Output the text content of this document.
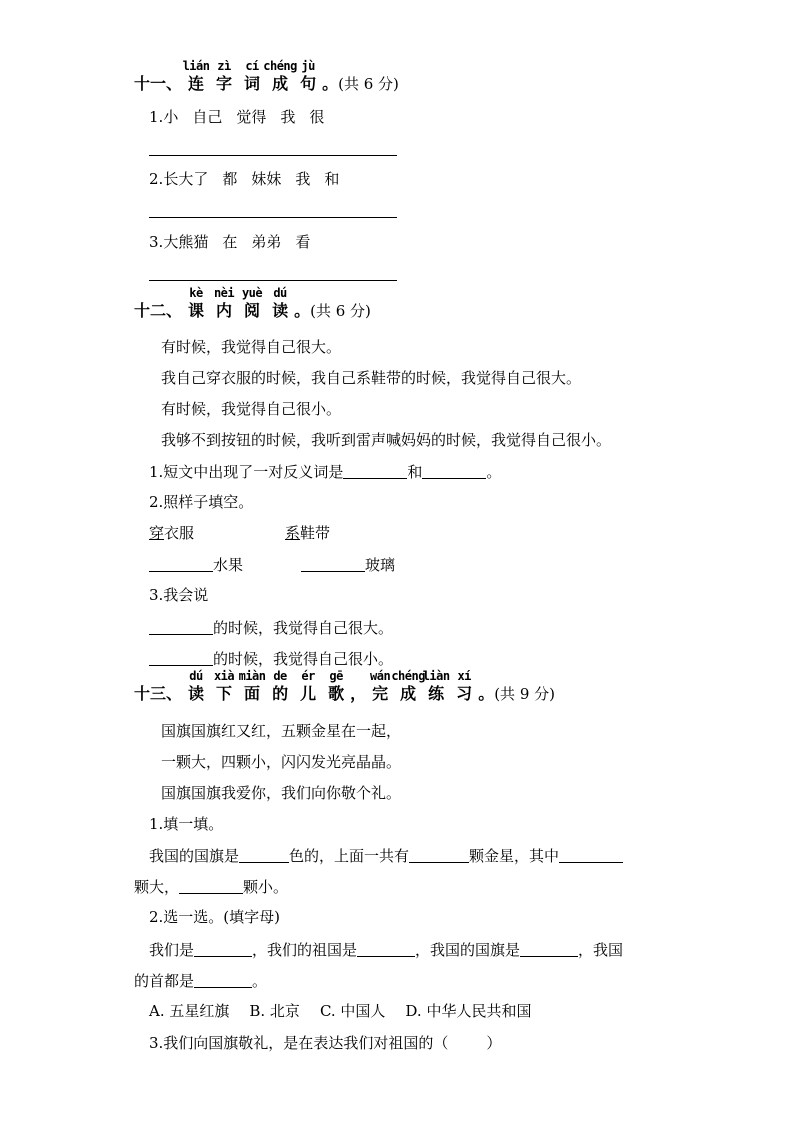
十一、
lián
连
zì
字
cí
词
chéng
成
jù
句 。(共 6 分)
1.小 自己 觉得 我 很
2.长大了 都 妹妹 我 和
3.大熊猫 在 弟弟 看
十二、
kè
课
nèi
内
yuè
阅
dú
读 。(共 6 分)
有时候，我觉得自己很大。
我自己穿衣服的时候，我自己系鞋带的时候，我觉得自己很大。
有时候，我觉得自己很小。
我够不到按钮的时候，我听到雷声喊妈妈的时候，我觉得自己很小。
1.短文中出现了一对反义词是	和	。
2.照样子填空。
穿衣服	系鞋带
水果	玻璃
3.我会说
的时候，我觉得自己很大。
的时候，我觉得自己很小。
十三、
dú
读
xià
下
miàn
面
de
的
ér
儿
gē
歌 ，
wán
完
chéng
成
liàn
练
xí
习 。(共 9 分)
国旗国旗红又红，五颗金星在一起，
一颗大，四颗小，闪闪发光亮晶晶。
国旗国旗我爱你，我们向你敬个礼。
1.填一填。
我国的国旗是	色的，上面一共有	颗金星，其中
颗大，	颗小。
2.选一选。(填字母)
我们是	，我们的祖国是	，我国的国旗是	，我国
的首都是	。
A. 五星红旗 B. 北京 C. 中国人 D. 中华人民共和国
3.我们向国旗敬礼，是在表达我们对祖国的（	）
